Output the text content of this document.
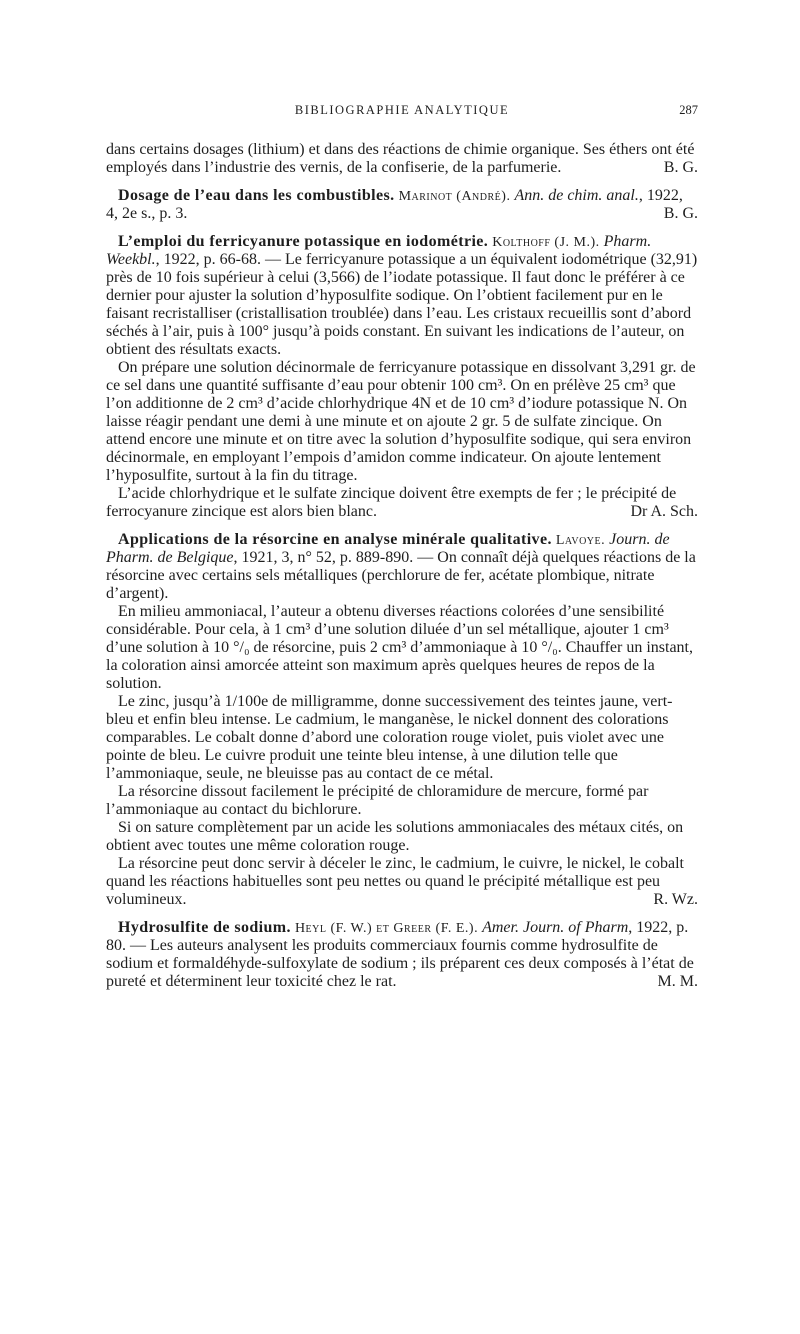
BIBLIOGRAPHIE ANALYTIQUE	287

dans certains dosages (lithium) et dans des réactions de chimie organique. Ses éthers ont été employés dans l’industrie des vernis, de la confiserie, de la parfumerie.	B. G.

Dosage de l’eau dans les combustibles. Marinot (André). Ann. de chim. anal., 1922, 4, 2e s., p. 3.	B. G.

L’emploi du ferricyanure potassique en iodométrie. Kolthoff (J. M.). Pharm. Weekbl., 1922, p. 66-68. — Le ferricyanure potassique a un équivalent iodométrique (32,91) près de 10 fois supérieur à celui (3,566) de l’iodate potassique. Il faut donc le préférer à ce dernier pour ajuster la solution d’hyposulfite sodique. On l’obtient facilement pur en le faisant recristalliser (cristallisation troublée) dans l’eau. Les cristaux recueillis sont d’abord séchés à l’air, puis à 100° jusqu’à poids constant. En suivant les indications de l’auteur, on obtient des résultats exacts.

On prépare une solution décinormale de ferricyanure potassique en dissolvant 3,291 gr. de ce sel dans une quantité suffisante d’eau pour obtenir 100 cm³. On en prélève 25 cm³ que l’on additionne de 2 cm³ d’acide chlorhydrique 4N et de 10 cm³ d’iodure potassique N. On laisse réagir pendant une demi à une minute et on ajoute 2 gr. 5 de sulfate zincique. On attend encore une minute et on titre avec la solution d’hyposulfite sodique, qui sera environ décinormale, en employant l’empois d’amidon comme indicateur. On ajoute lentement l’hyposulfite, surtout à la fin du titrage.

L’acide chlorhydrique et le sulfate zincique doivent être exempts de fer ; le précipité de ferrocyanure zincique est alors bien blanc.	Dr A. Sch.

Applications de la résorcine en analyse minérale qualitative. Lavoye. Journ. de Pharm. de Belgique, 1921, 3, n° 52, p. 889-890. — On connaît déjà quelques réactions de la résorcine avec certains sels métalliques (perchlorure de fer, acétate plombique, nitrate d’argent).

En milieu ammoniacal, l’auteur a obtenu diverses réactions colorées d’une sensibilité considérable. Pour cela, à 1 cm³ d’une solution diluée d’un sel métallique, ajouter 1 cm³ d’une solution à 10 °/₀ de résorcine, puis 2 cm³ d’ammoniaque à 10 °/₀. Chauffer un instant, la coloration ainsi amorcée atteint son maximum après quelques heures de repos de la solution.

Le zinc, jusqu’à 1/100e de milligramme, donne successivement des teintes jaune, vert-bleu et enfin bleu intense. Le cadmium, le manganèse, le nickel donnent des colorations comparables. Le cobalt donne d’abord une coloration rouge violet, puis violet avec une pointe de bleu. Le cuivre produit une teinte bleu intense, à une dilution telle que l’ammoniaque, seule, ne bleuisse pas au contact de ce métal.

La résorcine dissout facilement le précipité de chloramidure de mercure, formé par l’ammoniaque au contact du bichlorure.

Si on sature complètement par un acide les solutions ammoniacales des métaux cités, on obtient avec toutes une même coloration rouge.

La résorcine peut donc servir à déceler le zinc, le cadmium, le cuivre, le nickel, le cobalt quand les réactions habituelles sont peu nettes ou quand le précipité métallique est peu volumineux.	R. Wz.

Hydrosulfite de sodium. Heyl (F. W.) et Greer (F. E.). Amer. Journ. of Pharm, 1922, p. 80. — Les auteurs analysent les produits commerciaux fournis comme hydrosulfite de sodium et formaldéhyde-sulfoxylate de sodium ; ils préparent ces deux composés à l’état de pureté et déterminent leur toxicité chez le rat.	M. M.
